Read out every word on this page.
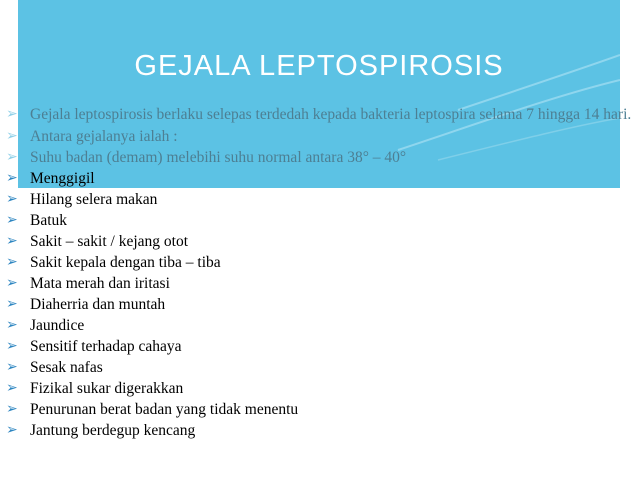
GEJALA LEPTOSPIROSIS
➢ Gejala leptospirosis berlaku selepas terdedah kepada bakteria leptospira selama 7 hingga 14 hari.
➢ Antara gejalanya ialah :
➢ Suhu badan (demam) melebihi suhu normal antara 38° – 40°
➢ Menggigil
➢ Hilang selera makan
➢ Batuk
➢ Sakit – sakit / kejang otot
➢ Sakit kepala dengan tiba – tiba
➢ Mata merah dan iritasi
➢ Diaherria dan muntah
➢ Jaundice
➢ Sensitif terhadap cahaya
➢ Sesak nafas
➢ Fizikal sukar digerakkan
➢ Penurunan berat badan yang tidak menentu
➢ Jantung berdegup kencang
